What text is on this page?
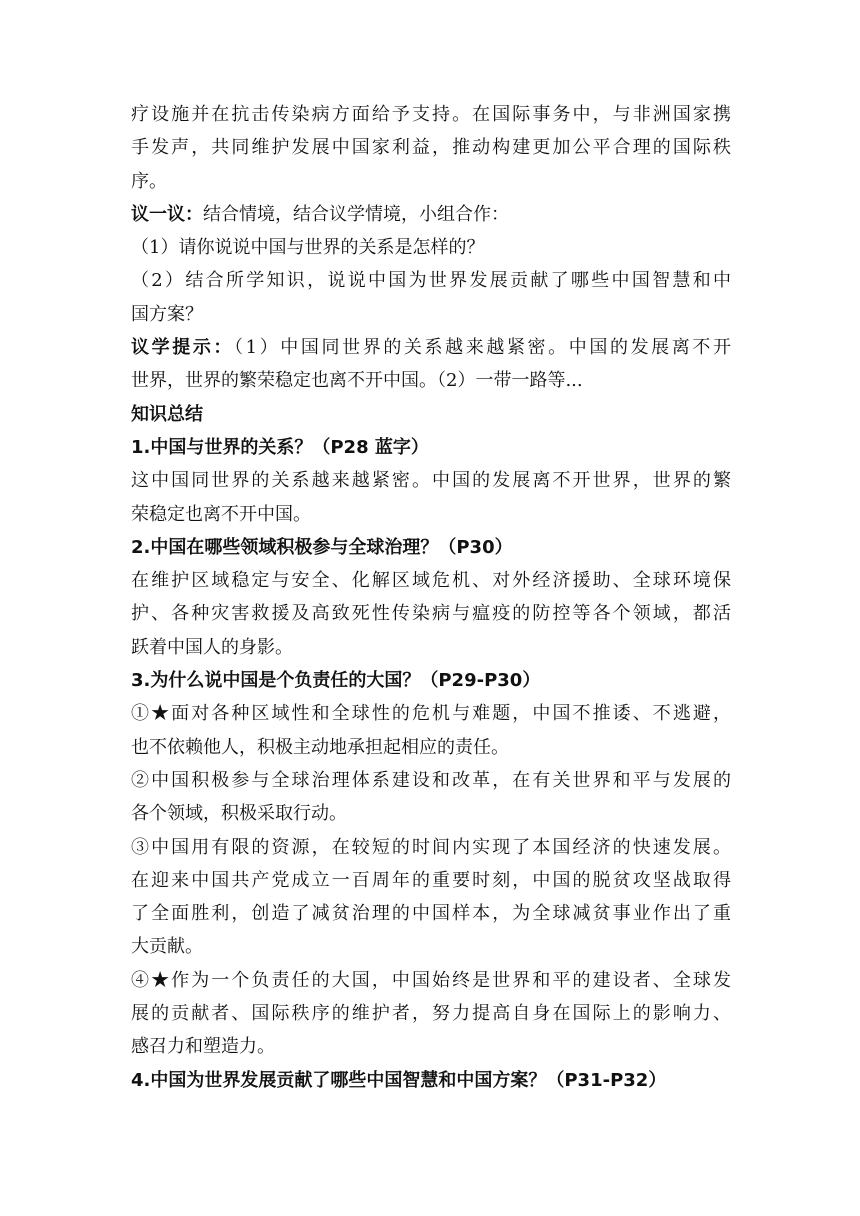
疗设施并在抗击传染病方面给予支持。在国际事务中，与非洲国家携
手发声，共同维护发展中国家利益，推动构建更加公平合理的国际秩
序。
议一议：结合情境，结合议学情境，小组合作：
（1）请你说说中国与世界的关系是怎样的？
（2）结合所学知识，说说中国为世界发展贡献了哪些中国智慧和中
国方案？
议学提示：（1）中国同世界的关系越来越紧密。中国的发展离不开
世界，世界的繁荣稳定也离不开中国。（2）一带一路等...
知识总结
1.中国与世界的关系？（P28 蓝字）
这中国同世界的关系越来越紧密。中国的发展离不开世界，世界的繁
荣稳定也离不开中国。
2.中国在哪些领域积极参与全球治理？（P30）
在维护区域稳定与安全、化解区域危机、对外经济援助、全球环境保
护、各种灾害救援及高致死性传染病与瘟疫的防控等各个领域，都活
跃着中国人的身影。
3.为什么说中国是个负责任的大国？（P29-P30）
①★面对各种区域性和全球性的危机与难题，中国不推诿、不逃避，
也不依赖他人，积极主动地承担起相应的责任。
②中国积极参与全球治理体系建设和改革，在有关世界和平与发展的
各个领域，积极采取行动。
③中国用有限的资源，在较短的时间内实现了本国经济的快速发展。
在迎来中国共产党成立一百周年的重要时刻，中国的脱贫攻坚战取得
了全面胜利，创造了减贫治理的中国样本，为全球减贫事业作出了重
大贡献。
④★作为一个负责任的大国，中国始终是世界和平的建设者、全球发
展的贡献者、国际秩序的维护者，努力提高自身在国际上的影响力、
感召力和塑造力。
4.中国为世界发展贡献了哪些中国智慧和中国方案？（P31-P32）
